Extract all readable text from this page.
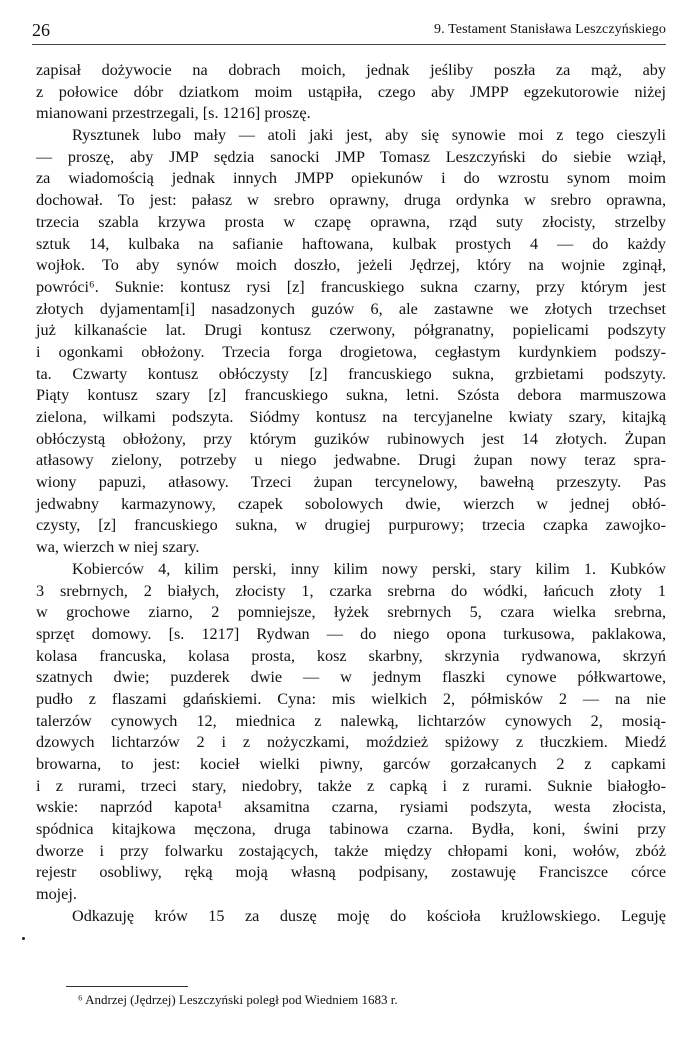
26	9. Testament Stanisława Leszczyńskiego
zapisał dożywocie na dobrach moich, jednak jeśliby poszła za mąż, aby
z połowice dóbr dziatkom moim ustąpiła, czego aby JMPP egzekutorowie niżej
mianowani przestrzegali, [s. 1216] proszę.
Rysztunek lubo mały — atoli jaki jest, aby się synowie moi z tego cieszyli
— proszę, aby JMP sędzia sanocki JMP Tomasz Leszczyński do siebie wziął,
za wiadomością jednak innych JMPP opiekunów i do wzrostu synom moim
dochował. To jest: pałasz w srebro oprawny, druga ordynka w srebro oprawna,
trzecia szabla krzywa prosta w czapę oprawna, rząd suty złocisty, strzelby
sztuk 14, kulbaka na safianie haftowana, kulbak prostych 4 — do każdy
wojłok. To aby synów moich doszło, jeżeli Jędrzej, który na wojnie zginął,
powróci⁶. Suknie: kontusz rysi [z] francuskiego sukna czarny, przy którym jest
złotych dyjamentam[i] nasadzonych guzów 6, ale zastawne we złotych trzechset
już kilkanaście lat. Drugi kontusz czerwony, półgranatny, popielicami podszyty
i ogonkami obłożony. Trzecia forga drogietowa, cegłastym kurdynkiem podszy-
ta. Czwarty kontusz obłóczysty [z] francuskiego sukna, grzbietami podszyty.
Piąty kontusz szary [z] francuskiego sukna, letni. Szósta debora marmuszowa
zielona, wilkami podszyta. Siódmy kontusz na tercyjanelne kwiaty szary, kitajką
obłóczystą obłożony, przy którym guzików rubinowych jest 14 złotych. Żupan
atłasowy zielony, potrzeby u niego jedwabne. Drugi żupan nowy teraz spra-
wiony papuzi, atłasowy. Trzeci żupan tercynelowy, bawełną przeszyty. Pas
jedwabny karmazynowy, czapek sobolowych dwie, wierzch w jednej obłó-
czysty, [z] francuskiego sukna, w drugiej purpurowy; trzecia czapka zawojko-
wa, wierzch w niej szary.
Kobierców 4, kilim perski, inny kilim nowy perski, stary kilim 1. Kubków
3 srebrnych, 2 białych, złocisty 1, czarka srebrna do wódki, łańcuch złoty 1
w grochowe ziarno, 2 pomniejsze, łyżek srebrnych 5, czara wielka srebrna,
sprzęt domowy. [s. 1217] Rydwan — do niego opona turkusowa, paklakowa,
kolasa francuska, kolasa prosta, kosz skarbny, skrzynia rydwanowa, skrzyń
szatnych dwie; puzderek dwie — w jednym flaszki cynowe półkwartowe,
pudło z flaszami gdańskiemi. Cyna: mis wielkich 2, półmisków 2 — na nie
talerzów cynowych 12, miednica z nalewką, lichtarzów cynowych 2, mosią-
dzowych lichtarzów 2 i z nożyczkami, moździeż spiżowy z tłuczkiem. Miedź
browarna, to jest: kocieł wielki piwny, garców gorzałcanych 2 z capkami
i z rurami, trzeci stary, niedobry, także z capką i z rurami. Suknie białogło-
wskie: naprzód kapota¹ aksamitna czarna, rysiami podszyta, westa złocista,
spódnica kitajkowa męczona, druga tabinowa czarna. Bydła, koni, świni przy
dworze i przy folwarku zostających, także między chłopami koni, wołów, zbóż
rejestr osobliwy, ręką moją własną podpisany, zostawuję Franciszce córce
mojej.
Odkazuję krów 15 za duszę moję do kościoła krużlowskiego. Leguję
⁶ Andrzej (Jędrzej) Leszczyński poległ pod Wiedniem 1683 r.
